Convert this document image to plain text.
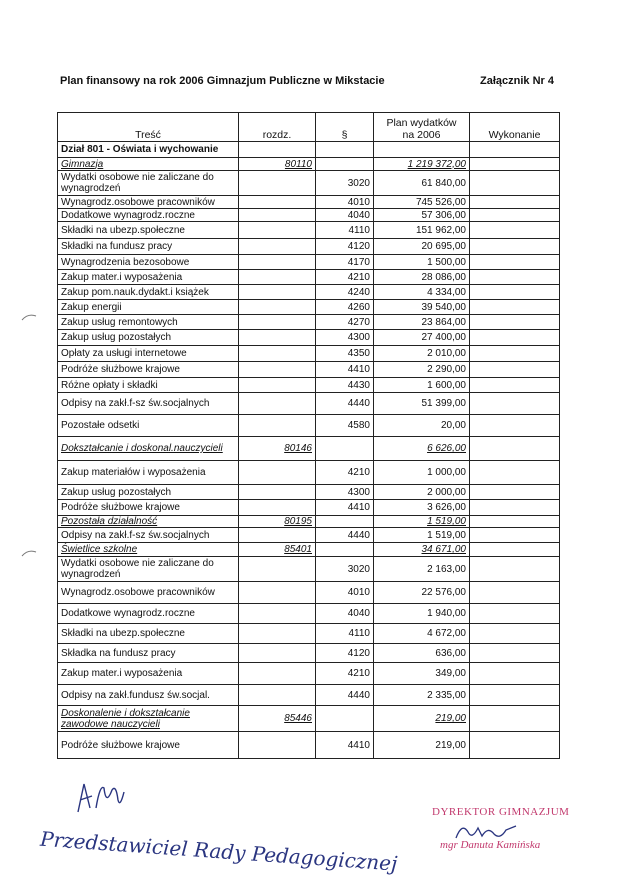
Plan finansowy na rok 2006 Gimnazjum Publiczne w Mikstacie	Załącznik Nr 4
Treść	rozdz.	§	Plan wydatków na 2006	Wykonanie
Dział 801 - Oświata i wychowanie				
Gimnazja	80110		1 219 372,00	
Wydatki osobowe nie zaliczane do wynagrodzeń		3020	61 840,00	
Wynagrodz.osobowe pracowników		4010	745 526,00	
Dodatkowe wynagrodz.roczne		4040	57 306,00	
Składki na ubezp.społeczne		4110	151 962,00	
Składki na fundusz pracy		4120	20 695,00	
Wynagrodzenia bezosobowe		4170	1 500,00	
Zakup mater.i wyposażenia		4210	28 086,00	
Zakup pom.nauk.dydakt.i książek		4240	4 334,00	
Zakup energii		4260	39 540,00	
Zakup usług remontowych		4270	23 864,00	
Zakup usług pozostałych		4300	27 400,00	
Opłaty za usługi internetowe		4350	2 010,00	
Podróże służbowe krajowe		4410	2 290,00	
Różne opłaty i składki		4430	1 600,00	
Odpisy na zakł.f-sz św.socjalnych		4440	51 399,00	
Pozostałe odsetki		4580	20,00	
Dokształcanie i doskonal.nauczycieli	80146		6 626,00	
Zakup materiałów i wyposażenia		4210	1 000,00	
Zakup usług pozostałych		4300	2 000,00	
Podróże służbowe krajowe		4410	3 626,00	
Pozostała działalność	80195		1 519,00	
Odpisy na zakł.f-sz św.socjalnych		4440	1 519,00	
Świetlice szkolne	85401		34 671,00	
Wydatki osobowe nie zaliczane do wynagrodzeń		3020	2 163,00	
Wynagrodz.osobowe pracowników		4010	22 576,00	
Dodatkowe wynagrodz.roczne		4040	1 940,00	
Składki na ubezp.społeczne		4110	4 672,00	
Składka na fundusz pracy		4120	636,00	
Zakup mater.i wyposażenia		4210	349,00	
Odpisy na zakł.fundusz św.socjal.		4440	2 335,00	
Doskonalenie i dokształcanie zawodowe nauczycieli	85446		219,00	
Podróże służbowe krajowe		4410	219,00	
Przedstawiciel Rady Pedagogicznej
DYREKTOR GIMNAZJUM
mgr Danuta Kamińska
